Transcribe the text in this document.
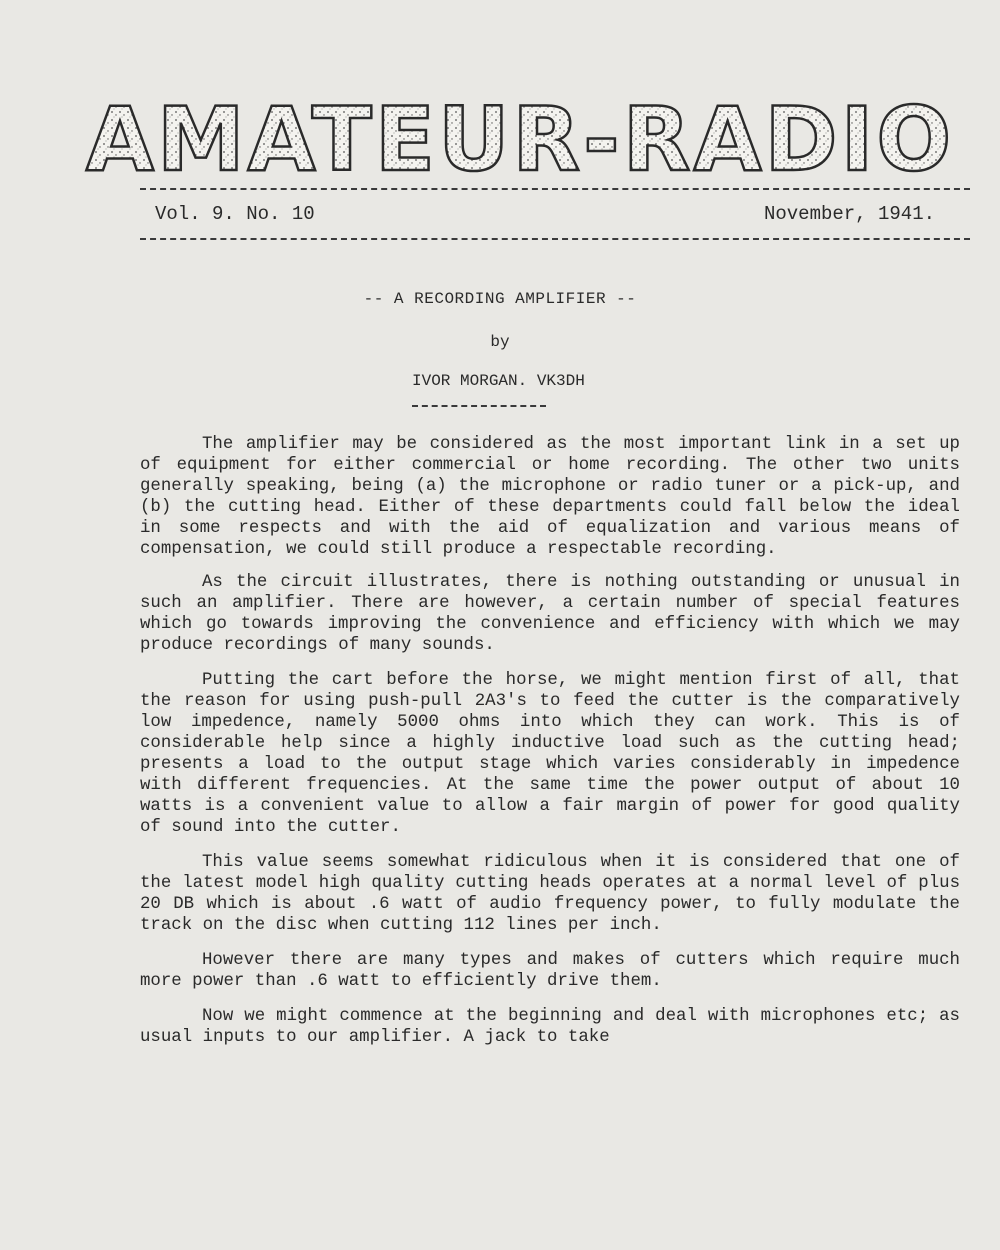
AMATEUR-RADIO
Vol. 9. No. 10	November, 1941.
-- A RECORDING AMPLIFIER --
by
IVOR MORGAN. VK3DH

The amplifier may be considered as the most important link in a set up of equipment for either commercial or home recording. The other two units generally speaking, being (a) the microphone or radio tuner or a pick-up, and (b) the cutting head. Either of these departments could fall below the ideal in some respects and with the aid of equalization and various means of compensation, we could still produce a respectable recording.

As the circuit illustrates, there is nothing outstanding or unusual in such an amplifier. There are however, a certain number of special features which go towards improving the convenience and efficiency with which we may produce recordings of many sounds.

Putting the cart before the horse, we might mention first of all, that the reason for using push-pull 2A3's to feed the cutter is the comparatively low impedence, namely 5000 ohms into which they can work. This is of considerable help since a highly inductive load such as the cutting head; presents a load to the output stage which varies considerably in impedence with different frequencies. At the same time the power output of about 10 watts is a convenient value to allow a fair margin of power for good quality of sound into the cutter.

This value seems somewhat ridiculous when it is considered that one of the latest model high quality cutting heads operates at a normal level of plus 20 DB which is about .6 watt of audio frequency power, to fully modulate the track on the disc when cutting 112 lines per inch.

However there are many types and makes of cutters which require much more power than .6 watt to efficiently drive them.

Now we might commence at the beginning and deal with microphones etc; as usual inputs to our amplifier. A jack to take
